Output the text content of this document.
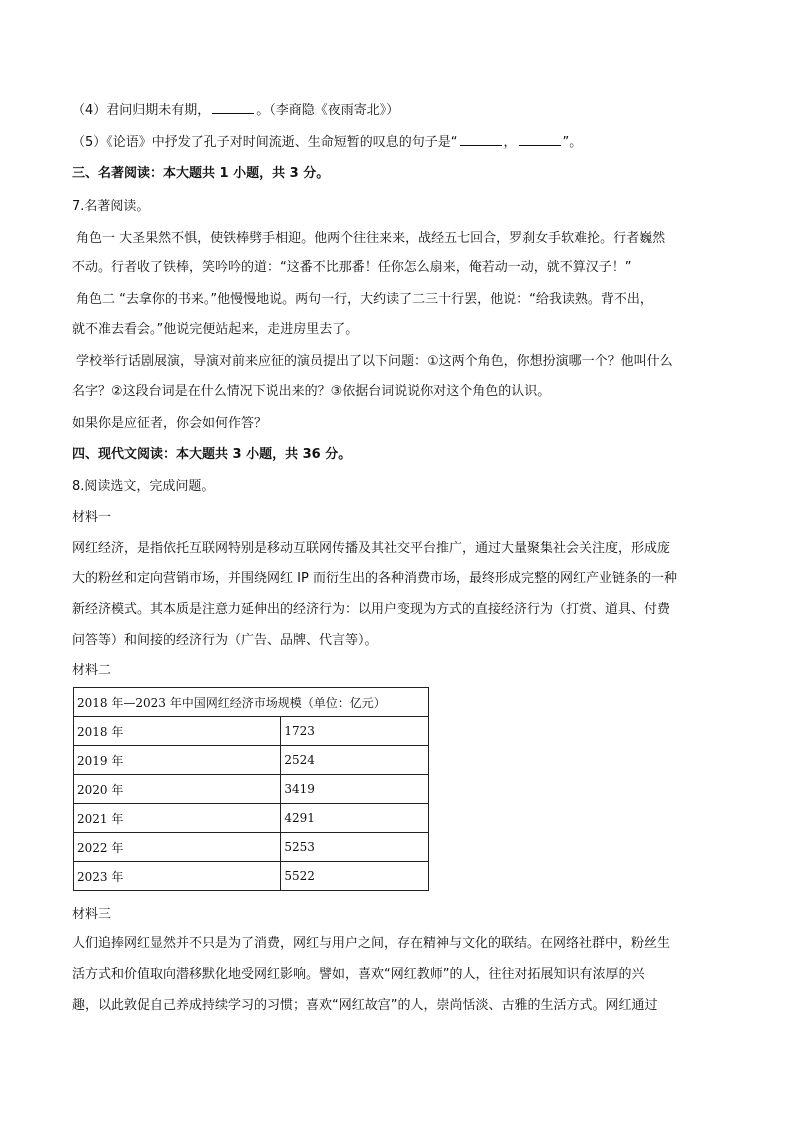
（4）君问归期未有期，	。（李商隐《夜雨寄北》）
（5）《论语》中抒发了孔子对时间流逝、生命短暂的叹息的句子是“	，	”。
三、名著阅读：本大题共 1 小题，共 3 分。
7.名著阅读。
角色一 大圣果然不惧，使铁棒劈手相迎。他两个往往来来，战经五七回合，罗刹女手软难抡。行者巍然
不动。行者收了铁棒，笑吟吟的道：“这番不比那番！任你怎么扇来，俺若动一动，就不算汉子！”
角色二 “去拿你的书来。”他慢慢地说。两句一行，大约读了二三十行罢，他说：“给我读熟。背不出，
就不准去看会。”他说完便站起来，走进房里去了。
学校举行话剧展演，导演对前来应征的演员提出了以下问题：①这两个角色，你想扮演哪一个？他叫什么
名字？②这段台词是在什么情况下说出来的？③依据台词说说你对这个角色的认识。
如果你是应征者，你会如何作答？
四、现代文阅读：本大题共 3 小题，共 36 分。
8.阅读选文，完成问题。
材料一
网红经济，是指依托互联网特别是移动互联网传播及其社交平台推广，通过大量聚集社会关注度，形成庞
大的粉丝和定向营销市场，并围绕网红 IP 而衍生出的各种消费市场，最终形成完整的网红产业链条的一种
新经济模式。其本质是注意力延伸出的经济行为：以用户变现为方式的直接经济行为（打赏、道具、付费
问答等）和间接的经济行为（广告、品牌、代言等）。
材料二
2018 年—2023 年中国网红经济市场规模（单位：亿元）	
2018 年	1723
2019 年	2524
2020 年	3419
2021 年	4291
2022 年	5253
2023 年	5522
材料三
人们追捧网红显然并不只是为了消费，网红与用户之间，存在精神与文化的联结。在网络社群中，粉丝生
活方式和价值取向潜移默化地受网红影响。譬如，喜欢“网红教师”的人，往往对拓展知识有浓厚的兴
趣，以此敦促自己养成持续学习的习惯；喜欢“网红故宫”的人，崇尚恬淡、古雅的生活方式。网红通过
